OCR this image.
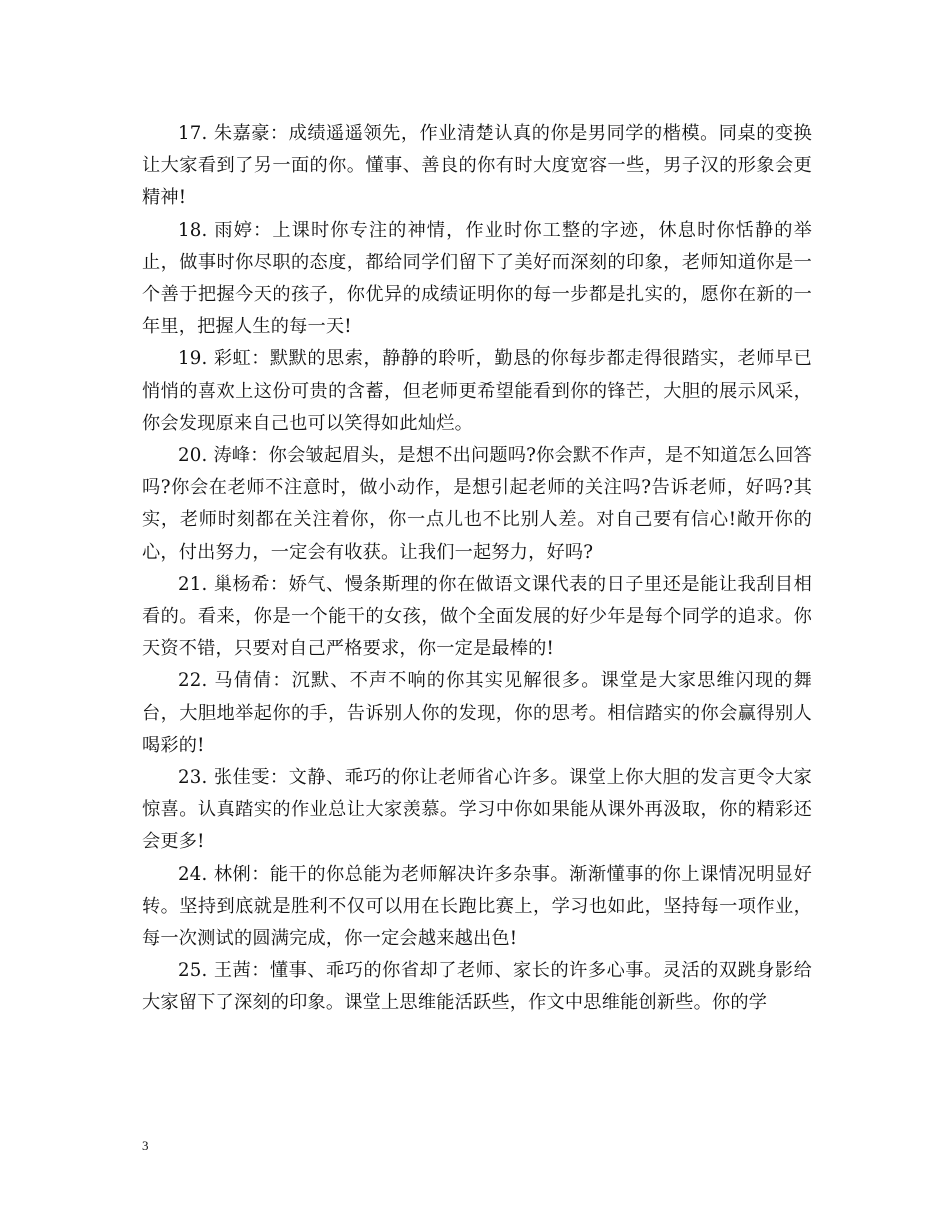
17. 朱嘉豪：成绩遥遥领先，作业清楚认真的你是男同学的楷模。同桌的变换让大家看到了另一面的你。懂事、善良的你有时大度宽容一些，男子汉的形象会更精神!

18. 雨婷：上课时你专注的神情，作业时你工整的字迹，休息时你恬静的举止，做事时你尽职的态度，都给同学们留下了美好而深刻的印象，老师知道你是一个善于把握今天的孩子，你优异的成绩证明你的每一步都是扎实的，愿你在新的一年里，把握人生的每一天!

19. 彩虹：默默的思索，静静的聆听，勤恳的你每步都走得很踏实，老师早已悄悄的喜欢上这份可贵的含蓄，但老师更希望能看到你的锋芒，大胆的展示风采，你会发现原来自己也可以笑得如此灿烂。

20. 涛峰：你会皱起眉头，是想不出问题吗?你会默不作声，是不知道怎么回答吗?你会在老师不注意时，做小动作，是想引起老师的关注吗?告诉老师，好吗?其实，老师时刻都在关注着你，你一点儿也不比别人差。对自己要有信心!敞开你的心，付出努力，一定会有收获。让我们一起努力，好吗?

21. 巢杨希：娇气、慢条斯理的你在做语文课代表的日子里还是能让我刮目相看的。看来，你是一个能干的女孩，做个全面发展的好少年是每个同学的追求。你天资不错，只要对自己严格要求，你一定是最棒的!

22. 马倩倩：沉默、不声不响的你其实见解很多。课堂是大家思维闪现的舞台，大胆地举起你的手，告诉别人你的发现，你的思考。相信踏实的你会赢得别人喝彩的!

23. 张佳雯：文静、乖巧的你让老师省心许多。课堂上你大胆的发言更令大家惊喜。认真踏实的作业总让大家羡慕。学习中你如果能从课外再汲取，你的精彩还会更多!

24. 林俐：能干的你总能为老师解决许多杂事。渐渐懂事的你上课情况明显好转。坚持到底就是胜利不仅可以用在长跑比赛上，学习也如此，坚持每一项作业，每一次测试的圆满完成，你一定会越来越出色!

25. 王茜：懂事、乖巧的你省却了老师、家长的许多心事。灵活的双跳身影给大家留下了深刻的印象。课堂上思维能活跃些，作文中思维能创新些。你的学

3
